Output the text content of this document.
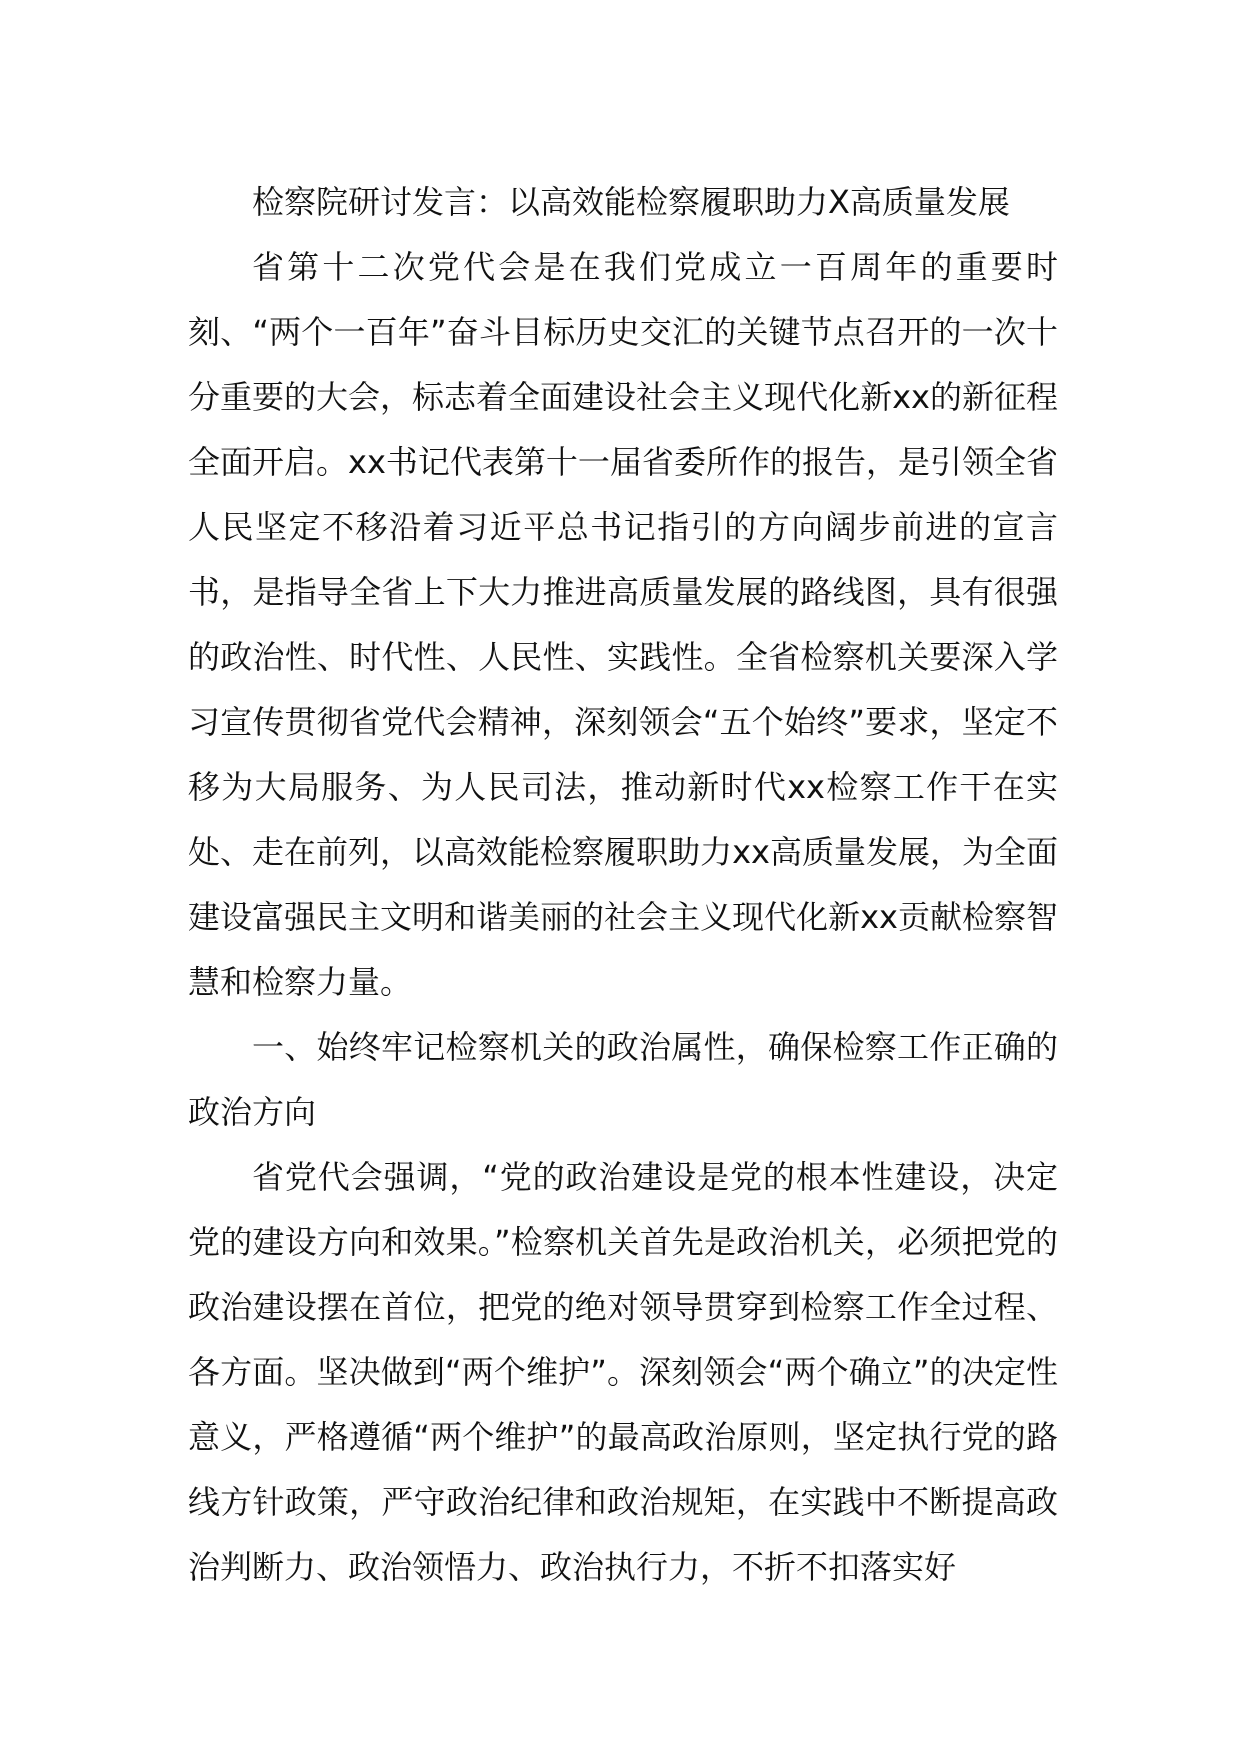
检察院研讨发言：以高效能检察履职助力X高质量发展

省第十二次党代会是在我们党成立一百周年的重要时刻、“两个一百年”奋斗目标历史交汇的关键节点召开的一次十分重要的大会，标志着全面建设社会主义现代化新xx的新征程全面开启。xx书记代表第十一届省委所作的报告，是引领全省人民坚定不移沿着习近平总书记指引的方向阔步前进的宣言书，是指导全省上下大力推进高质量发展的路线图，具有很强的政治性、时代性、人民性、实践性。全省检察机关要深入学习宣传贯彻省党代会精神，深刻领会“五个始终”要求，坚定不移为大局服务、为人民司法，推动新时代xx检察工作干在实处、走在前列，以高效能检察履职助力xx高质量发展，为全面建设富强民主文明和谐美丽的社会主义现代化新xx贡献检察智慧和检察力量。

一、始终牢记检察机关的政治属性，确保检察工作正确的政治方向

省党代会强调，“党的政治建设是党的根本性建设，决定党的建设方向和效果。”检察机关首先是政治机关，必须把党的政治建设摆在首位，把党的绝对领导贯穿到检察工作全过程、各方面。坚决做到“两个维护”。深刻领会“两个确立”的决定性意义，严格遵循“两个维护”的最高政治原则，坚定执行党的路线方针政策，严守政治纪律和政治规矩，在实践中不断提高政治判断力、政治领悟力、政治执行力，不折不扣落实好
